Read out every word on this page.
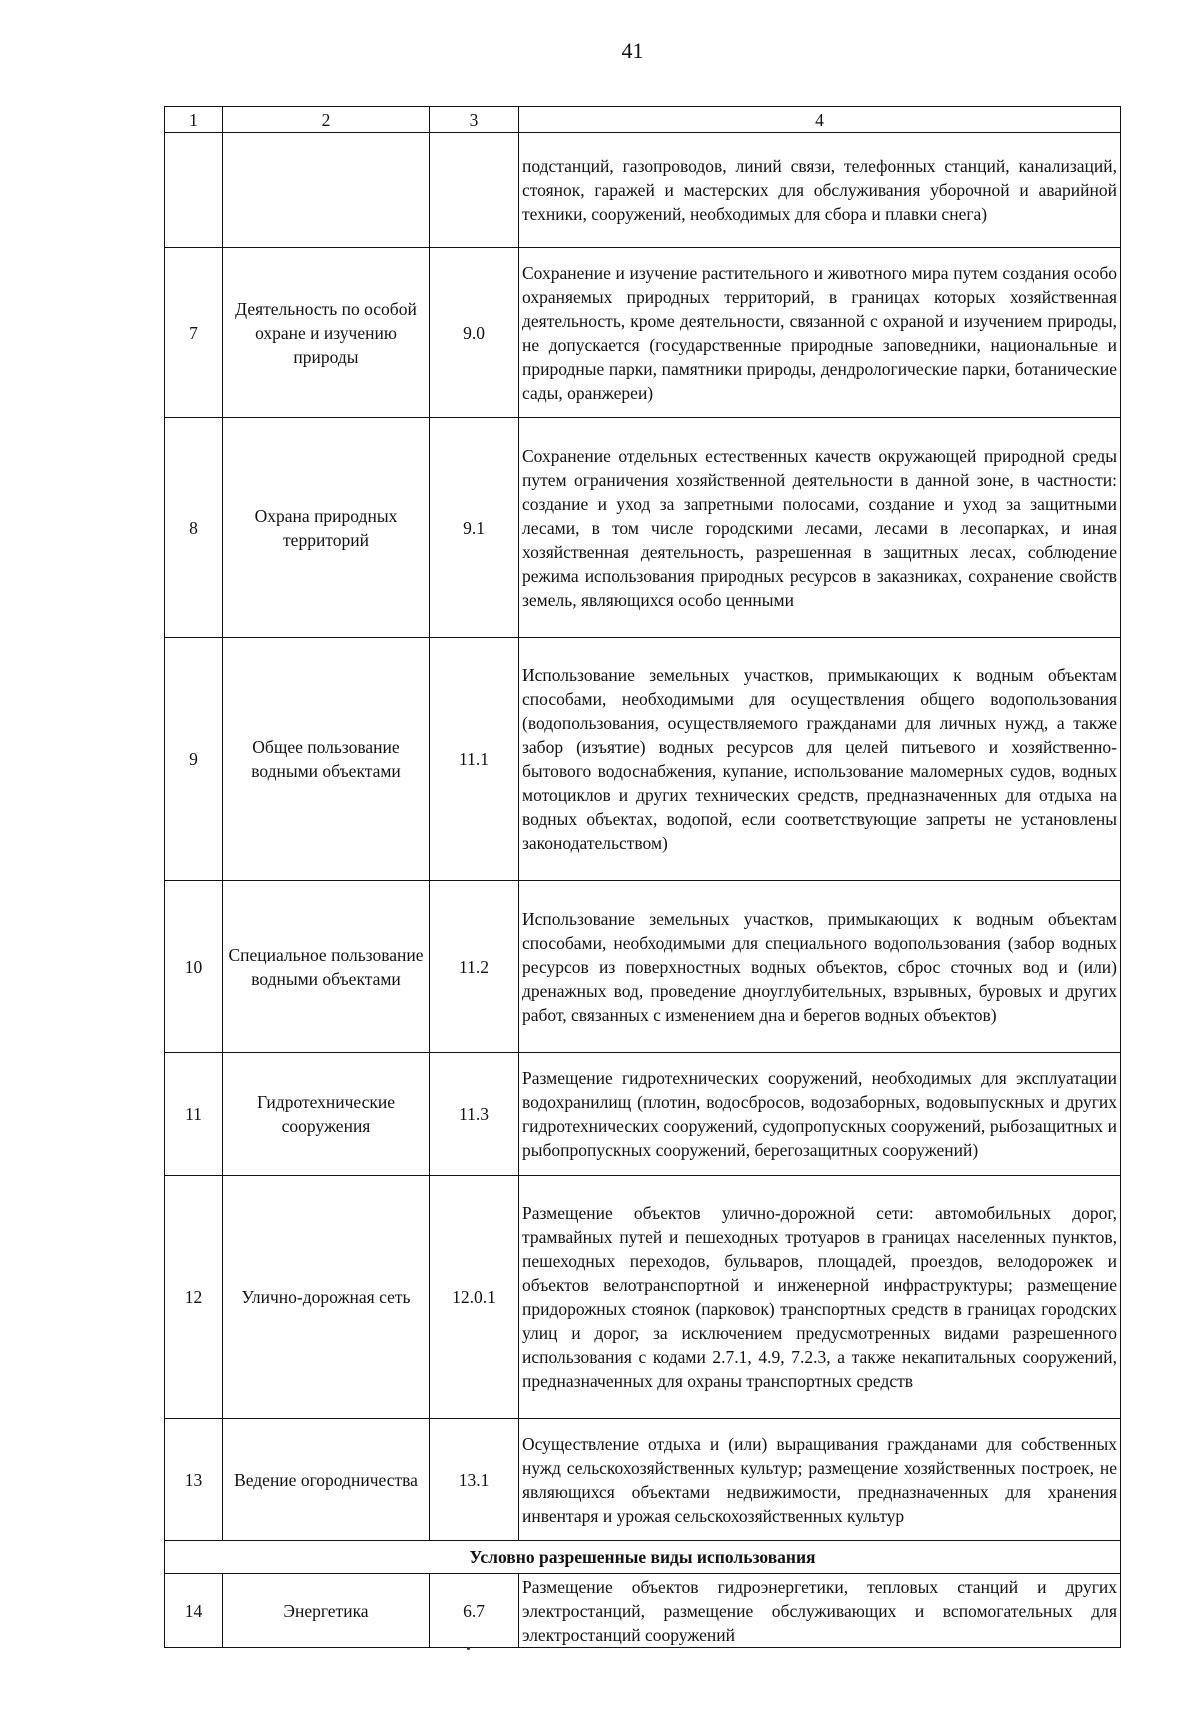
41
1	2	3	4
			подстанций, газопроводов, линий связи, телефонных станций, канализаций, стоянок, гаражей и мастерских для обслуживания уборочной и аварийной техники, сооружений, необходимых для сбора и плавки снега)
7	Деятельность по особой охране и изучению природы	9.0	Сохранение и изучение растительного и животного мира путем создания особо охраняемых природных территорий, в границах которых хозяйственная деятельность, кроме деятельности, связанной с охраной и изучением природы, не допускается (государственные природные заповедники, национальные и природные парки, памятники природы, дендрологические парки, ботанические сады, оранжереи)
8	Охрана природных территорий	9.1	Сохранение отдельных естественных качеств окружающей природной среды путем ограничения хозяйственной деятельности в данной зоне, в частности: создание и уход за запретными полосами, создание и уход за защитными лесами, в том числе городскими лесами, лесами в лесопарках, и иная хозяйственная деятельность, разрешенная в защитных лесах, соблюдение режима использования природных ресурсов в заказниках, сохранение свойств земель, являющихся особо ценными
9	Общее пользование водными объектами	11.1	Использование земельных участков, примыкающих к водным объектам способами, необходимыми для осуществления общего водопользования (водопользования, осуществляемого гражданами для личных нужд, а также забор (изъятие) водных ресурсов для целей питьевого и хозяйственно-бытового водоснабжения, купание, использование маломерных судов, водных мотоциклов и других технических средств, предназначенных для отдыха на водных объектах, водопой, если соответствующие запреты не установлены законодательством)
10	Специальное пользование водными объектами	11.2	Использование земельных участков, примыкающих к водным объектам способами, необходимыми для специального водопользования (забор водных ресурсов из поверхностных водных объектов, сброс сточных вод и (или) дренажных вод, проведение дноуглубительных, взрывных, буровых и других работ, связанных с изменением дна и берегов водных объектов)
11	Гидротехнические сооружения	11.3	Размещение гидротехнических сооружений, необходимых для эксплуатации водохранилищ (плотин, водосбросов, водозаборных, водовыпускных и других гидротехнических сооружений, судопропускных сооружений, рыбозащитных и рыбопропускных сооружений, берегозащитных сооружений)
12	Улично-дорожная сеть	12.0.1	Размещение объектов улично-дорожной сети: автомобильных дорог, трамвайных путей и пешеходных тротуаров в границах населенных пунктов, пешеходных переходов, бульваров, площадей, проездов, велодорожек и объектов велотранспортной и инженерной инфраструктуры; размещение придорожных стоянок (парковок) транспортных средств в границах городских улиц и дорог, за исключением предусмотренных видами разрешенного использования с кодами 2.7.1, 4.9, 7.2.3, а также некапитальных сооружений, предназначенных для охраны транспортных средств
13	Ведение огородничества	13.1	Осуществление отдыха и (или) выращивания гражданами для собственных нужд сельскохозяйственных культур; размещение хозяйственных построек, не являющихся объектами недвижимости, предназначенных для хранения инвентаря и урожая сельскохозяйственных культур
Условно разрешенные виды использования			
14	Энергетика	6.7	Размещение объектов гидроэнергетики, тепловых станций и других электростанций, размещение обслуживающих и вспомогательных для электростанций сооружений
